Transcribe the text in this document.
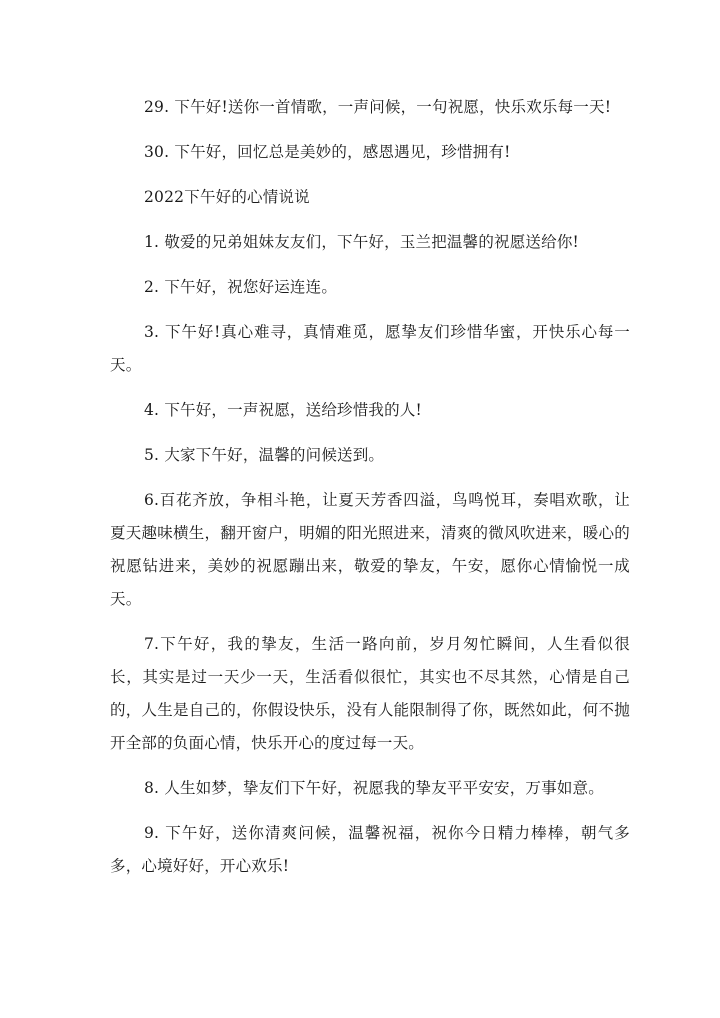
29. 下午好!送你一首情歌，一声问候，一句祝愿，快乐欢乐每一天!

30. 下午好，回忆总是美妙的，感恩遇见，珍惜拥有!

2022下午好的心情说说

1. 敬爱的兄弟姐妹友友们，下午好，玉兰把温馨的祝愿送给你!

2. 下午好，祝您好运连连。

3. 下午好!真心难寻，真情难觅，愿挚友们珍惜华蜜，开快乐心每一天。

4. 下午好，一声祝愿，送给珍惜我的人!

5. 大家下午好，温馨的问候送到。

6.百花齐放，争相斗艳，让夏天芳香四溢，鸟鸣悦耳，奏唱欢歌，让夏天趣味横生，翻开窗户，明媚的阳光照进来，清爽的微风吹进来，暖心的祝愿钻进来，美妙的祝愿蹦出来，敬爱的挚友，午安，愿你心情愉悦一成天。

7.下午好，我的挚友，生活一路向前，岁月匆忙瞬间，人生看似很长，其实是过一天少一天，生活看似很忙，其实也不尽其然，心情是自己的，人生是自己的，你假设快乐，没有人能限制得了你，既然如此，何不抛开全部的负面心情，快乐开心的度过每一天。

8. 人生如梦，挚友们下午好，祝愿我的挚友平平安安，万事如意。

9. 下午好，送你清爽问候，温馨祝福，祝你今日精力棒棒，朝气多多，心境好好，开心欢乐!
